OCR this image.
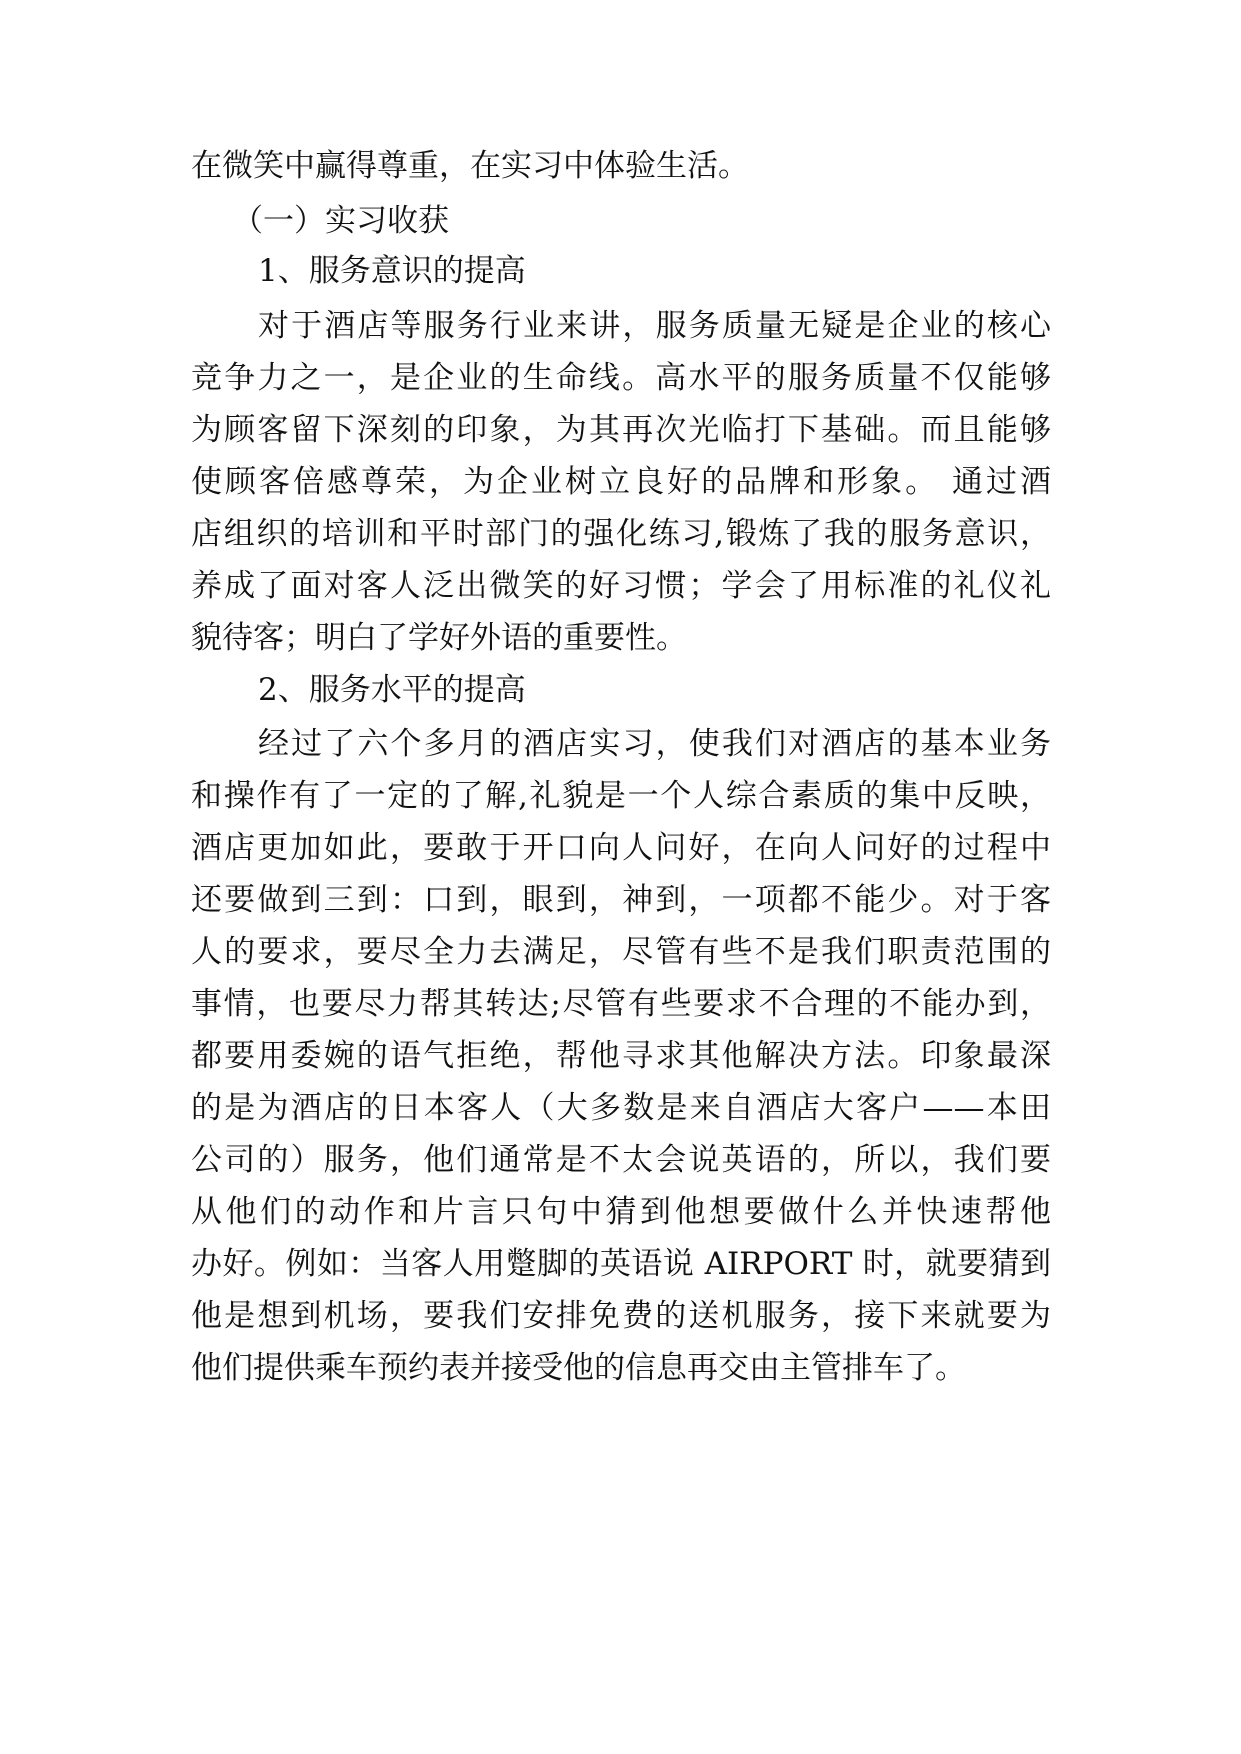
在微笑中赢得尊重，在实习中体验生活。
（一）实习收获
1、服务意识的提高
对于酒店等服务行业来讲，服务质量无疑是企业的核心
竞争力之一，是企业的生命线。高水平的服务质量不仅能够
为顾客留下深刻的印象，为其再次光临打下基础。而且能够
使顾客倍感尊荣，为企业树立良好的品牌和形象。 通过酒
店组织的培训和平时部门的强化练习,锻炼了我的服务意识，
养成了面对客人泛出微笑的好习惯；学会了用标准的礼仪礼
貌待客；明白了学好外语的重要性。
2、服务水平的提高
经过了六个多月的酒店实习，使我们对酒店的基本业务
和操作有了一定的了解,礼貌是一个人综合素质的集中反映，
酒店更加如此，要敢于开口向人问好，在向人问好的过程中
还要做到三到：口到，眼到，神到，一项都不能少。对于客
人的要求，要尽全力去满足，尽管有些不是我们职责范围的
事情，也要尽力帮其转达;尽管有些要求不合理的不能办到，
都要用委婉的语气拒绝，帮他寻求其他解决方法。印象最深
的是为酒店的日本客人（大多数是来自酒店大客户——本田
公司的）服务，他们通常是不太会说英语的，所以，我们要
从他们的动作和片言只句中猜到他想要做什么并快速帮他
办好。例如：当客人用蹩脚的英语说 AIRPORT 时，就要猜到
他是想到机场，要我们安排免费的送机服务，接下来就要为
他们提供乘车预约表并接受他的信息再交由主管排车了。
